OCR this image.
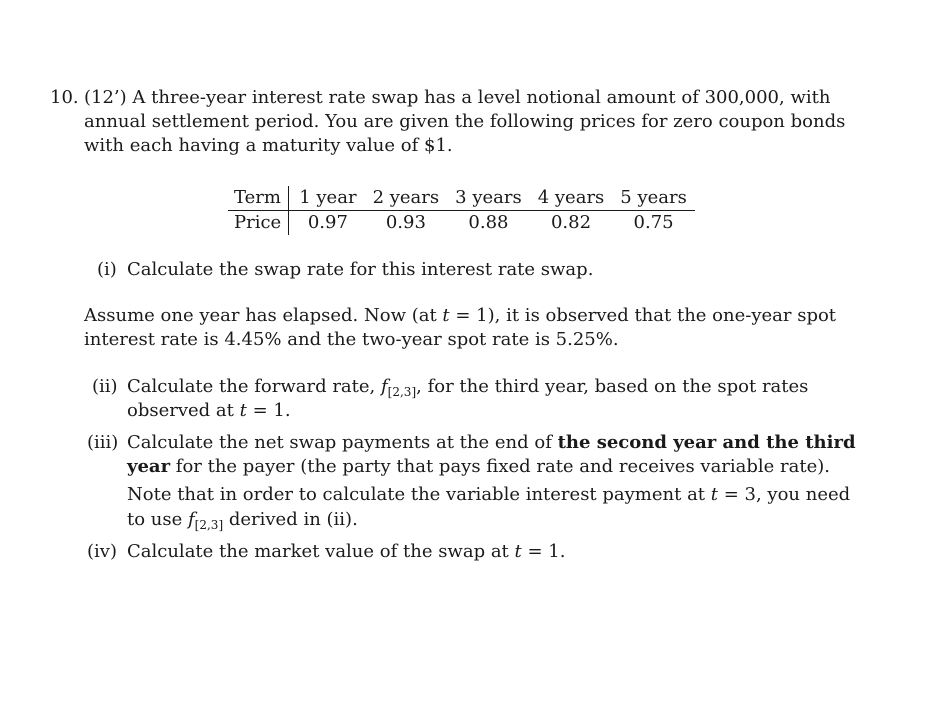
10. (12’) A three-year interest rate swap has a level notional amount of 300,000, with
annual settlement period. You are given the following prices for zero coupon bonds
with each having a maturity value of $1.
Term	1 year	2 years	3 years	4 years	5 years
Price	0.97	0.93	0.88	0.82	0.75
(i) Calculate the swap rate for this interest rate swap.
Assume one year has elapsed. Now (at t = 1), it is observed that the one-year spot
interest rate is 4.45% and the two-year spot rate is 5.25%.
(ii) Calculate the forward rate, $f_{[2,3]}$, for the third year, based on the spot rates
observed at t = 1.
(iii) Calculate the net swap payments at the end of the second year and the third
year for the payer (the party that pays fixed rate and receives variable rate).
Note that in order to calculate the variable interest payment at t = 3, you need
to use $f_{[2,3]}$ derived in (ii).
(iv) Calculate the market value of the swap at t = 1.
